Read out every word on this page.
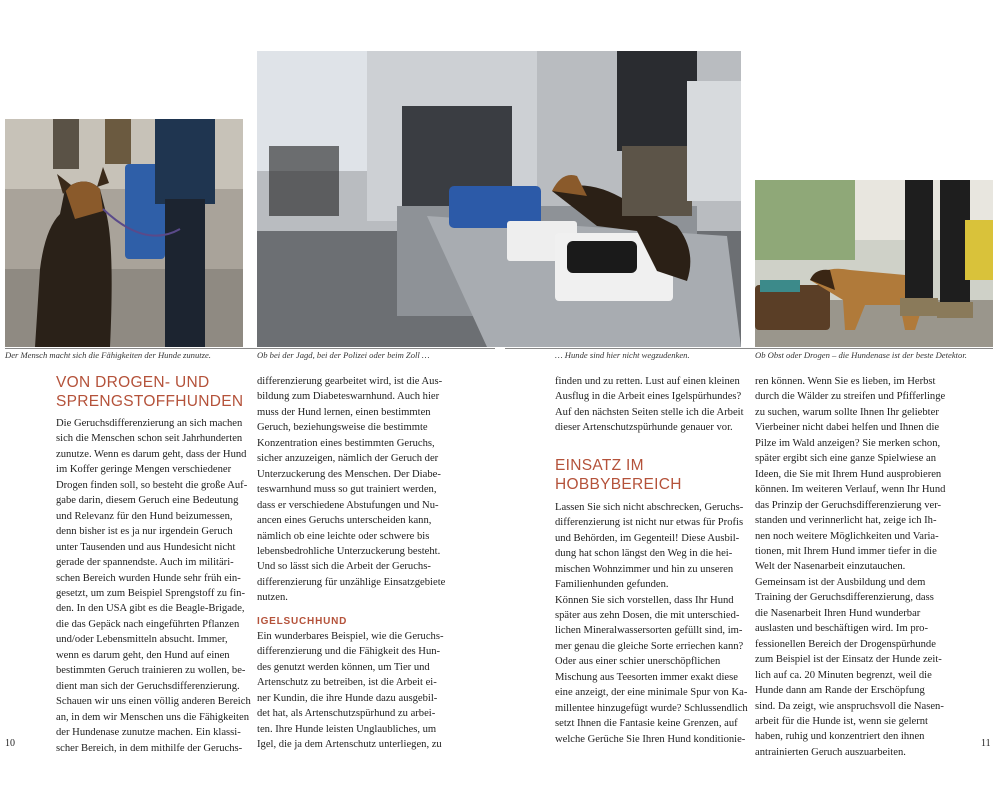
Der Mensch macht sich die Fähigkeiten der Hunde zunutze.	Ob bei der Jagd, bei der Polizei oder beim Zoll …	… Hunde sind hier nicht wegzudenken.	Ob Obst oder Drogen – die Hundenase ist der beste Detektor.

VON DROGEN- UND

SPRENGSTOFFHUNDEN

Die Geruchsdifferenzierung an sich machen

sich die Menschen schon seit Jahrhunderten

zunutze. Wenn es darum geht, dass der Hund

im Koffer geringe Mengen verschiedener

Drogen finden soll, so besteht die große Auf-

gabe darin, diesem Geruch eine Bedeutung

und Relevanz für den Hund beizumessen,

denn bisher ist es ja nur irgendein Geruch

unter Tausenden und aus Hundesicht nicht

gerade der spannendste. Auch im militäri-

schen Bereich wurden Hunde sehr früh ein-

gesetzt, um zum Beispiel Sprengstoff zu fin-

den. In den USA gibt es die Beagle-Brigade,

die das Gepäck nach eingeführten Pflanzen

und/oder Lebensmitteln absucht. Immer,

wenn es darum geht, den Hund auf einen

bestimmten Geruch trainieren zu wollen, be-

dient man sich der Geruchsdifferenzierung.

Schauen wir uns einen völlig anderen Bereich

an, in dem wir Menschen uns die Fähigkeiten

der Hundenase zunutze machen. Ein klassi-

scher Bereich, in dem mithilfe der Geruchs-

differenzierung gearbeitet wird, ist die Aus-

bildung zum Diabeteswarnhund. Auch hier

muss der Hund lernen, einen bestimmten

Geruch, beziehungsweise die bestimmte

Konzentration eines bestimmten Geruchs,

sicher anzuzeigen, nämlich der Geruch der

Unterzuckerung des Menschen. Der Diabe-

teswarnhund muss so gut trainiert werden,

dass er verschiedene Abstufungen und Nu-

ancen eines Geruchs unterscheiden kann,

nämlich ob eine leichte oder schwere bis

lebensbedrohliche Unterzuckerung besteht.

Und so lässt sich die Arbeit der Geruchs-

differenzierung für unzählige Einsatzgebiete

nutzen.

IGELSUCHHUND

Ein wunderbares Beispiel, wie die Geruchs-

differenzierung und die Fähigkeit des Hun-

des genutzt werden können, um Tier und

Artenschutz zu betreiben, ist die Arbeit ei-

ner Kundin, die ihre Hunde dazu ausgebil-

det hat, als Artenschutzspürhund zu arbei-

ten. Ihre Hunde leisten Unglaubliches, um

Igel, die ja dem Artenschutz unterliegen, zu

finden und zu retten. Lust auf einen kleinen

Ausflug in die Arbeit eines Igelspürhundes?

Auf den nächsten Seiten stelle ich die Arbeit

dieser Artenschutzspürhunde genauer vor.

EINSATZ IM

HOBBYBEREICH

Lassen Sie sich nicht abschrecken, Geruchs-

differenzierung ist nicht nur etwas für Profis

und Behörden, im Gegenteil! Diese Ausbil-

dung hat schon längst den Weg in die hei-

mischen Wohnzimmer und hin zu unseren

Familienhunden gefunden.

Können Sie sich vorstellen, dass Ihr Hund

später aus zehn Dosen, die mit unterschied-

lichen Mineralwassersorten gefüllt sind, im-

mer genau die gleiche Sorte erriechen kann?

Oder aus einer schier unerschöpflichen

Mischung aus Teesorten immer exakt diese

eine anzeigt, der eine minimale Spur von Ka-

millentee hinzugefügt wurde? Schlussendlich

setzt Ihnen die Fantasie keine Grenzen, auf

welche Gerüche Sie Ihren Hund konditionie-

ren können. Wenn Sie es lieben, im Herbst

durch die Wälder zu streifen und Pfifferlinge

zu suchen, warum sollte Ihnen Ihr geliebter

Vierbeiner nicht dabei helfen und Ihnen die

Pilze im Wald anzeigen? Sie merken schon,

später ergibt sich eine ganze Spielwiese an

Ideen, die Sie mit Ihrem Hund ausprobieren

können. Im weiteren Verlauf, wenn Ihr Hund

das Prinzip der Geruchsdifferenzierung ver-

standen und verinnerlicht hat, zeige ich Ih-

nen noch weitere Möglichkeiten und Varia-

tionen, mit Ihrem Hund immer tiefer in die

Welt der Nasenarbeit einzutauchen.

Gemeinsam ist der Ausbildung und dem

Training der Geruchsdifferenzierung, dass

die Nasenarbeit Ihren Hund wunderbar

auslasten und beschäftigen wird. Im pro-

fessionellen Bereich der Drogenspürhunde

zum Beispiel ist der Einsatz der Hunde zeit-

lich auf ca. 20 Minuten begrenzt, weil die

Hunde dann am Rande der Erschöpfung

sind. Da zeigt, wie anspruchsvoll die Nasen-

arbeit für die Hunde ist, wenn sie gelernt

haben, ruhig und konzentriert den ihnen

antrainierten Geruch auszuarbeiten.

10	11
